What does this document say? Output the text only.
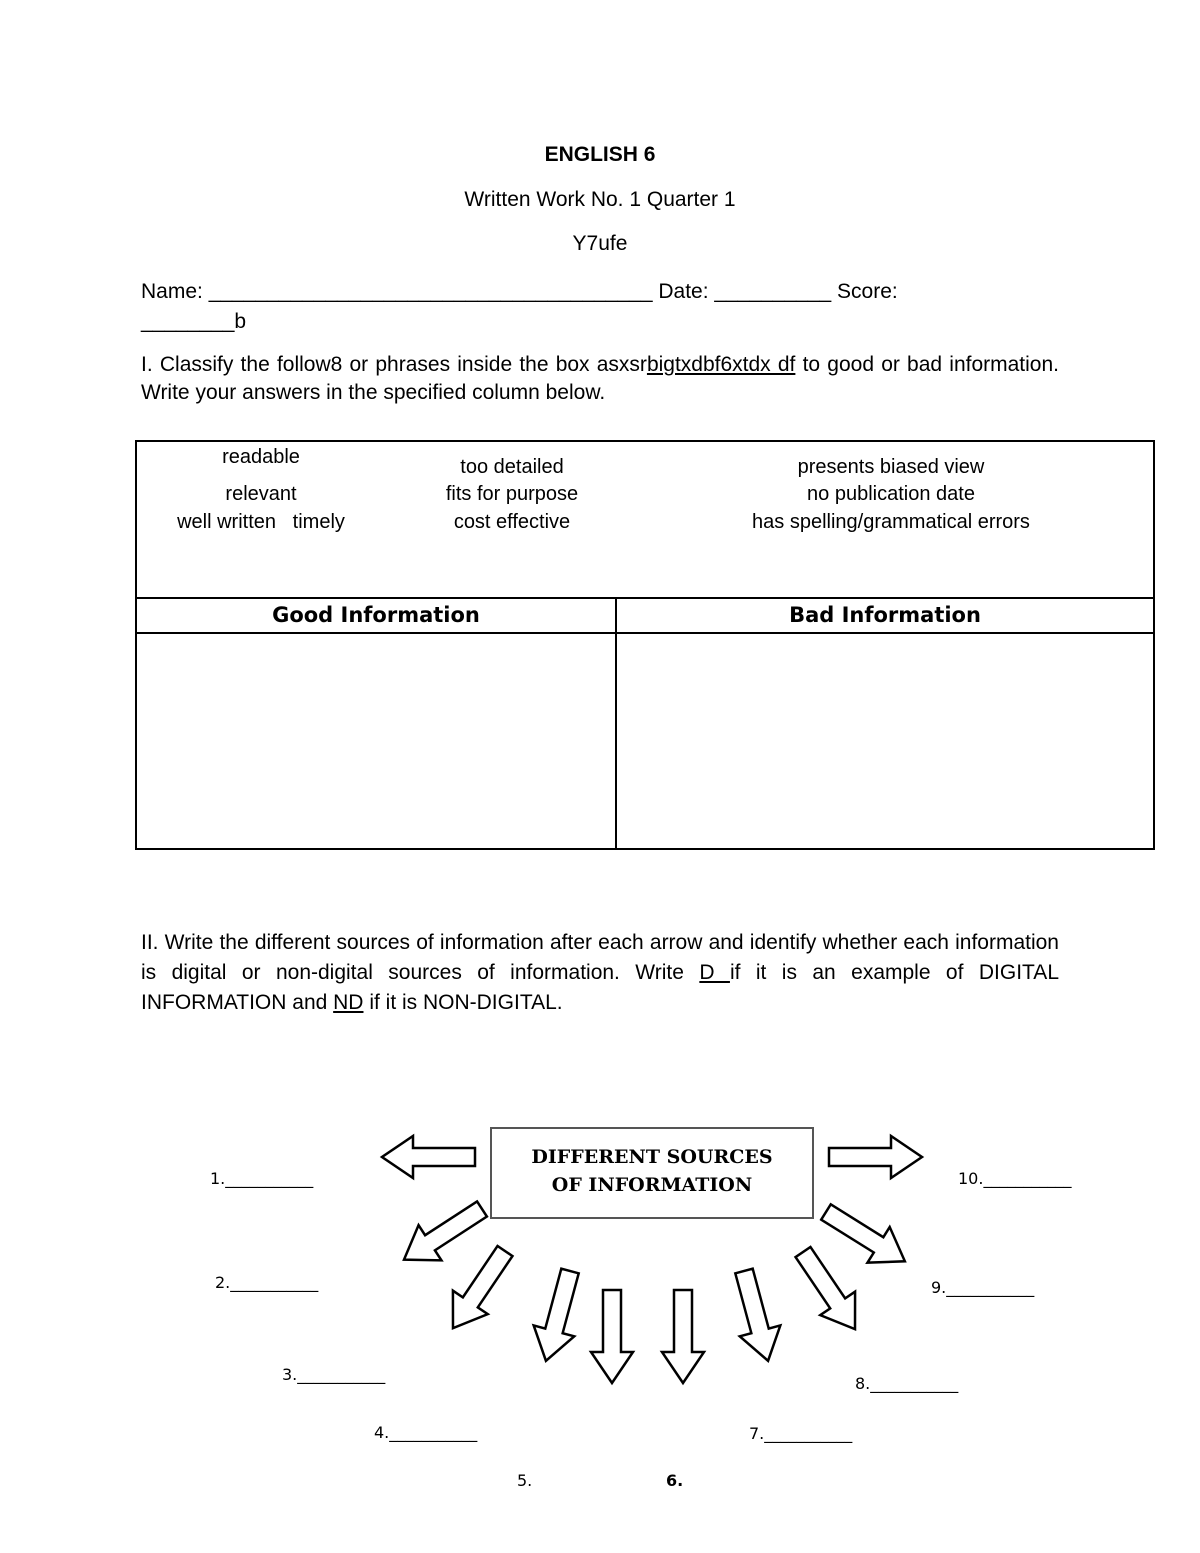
ENGLISH 6
Written Work No. 1 Quarter 1
Y7ufe
Name: ______________________________________ Date: __________ Score:
________b
I. Classify the follow8 or phrases inside the box asxsrbigtxdbf6xtdx df to good or bad information. Write your answers in the specified column below.
readable
relevant
well written   timely
too detailed
fits for purpose
cost effective
presents biased view
no publication date
has spelling/grammatical errors
Good Information	Bad Information
II. Write the different sources of information after each arrow and identify whether each information is digital or non-digital sources of information. Write D if it is an example of DIGITAL INFORMATION and ND if it is NON-DIGITAL.
DIFFERENT SOURCES
OF INFORMATION
1.___________
2.___________
3.___________
4.___________
5.	6.
7.___________
8.___________
9.___________
10.___________
